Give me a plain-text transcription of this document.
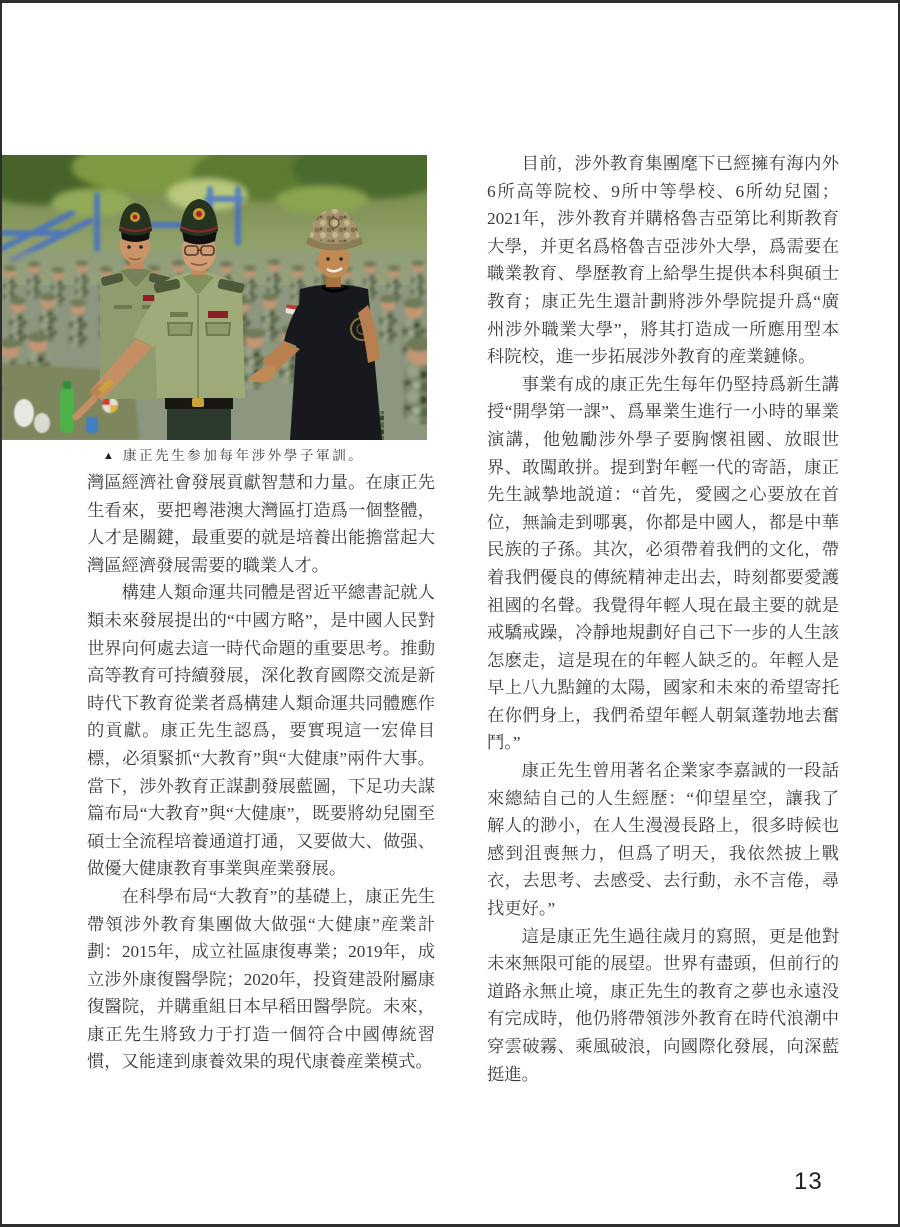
▲ 康正先生参加每年涉外學子軍訓。

灣區經濟社會發展貢獻智慧和力量。在康正先生看來，要把粵港澳大灣區打造爲一個整體，人才是關鍵，最重要的就是培養出能擔當起大灣區經濟發展需要的職業人才。

構建人類命運共同體是習近平總書記就人類未來發展提出的“中國方略”，是中國人民對世界向何處去這一時代命題的重要思考。推動高等教育可持續發展，深化教育國際交流是新時代下教育從業者爲構建人類命運共同體應作的貢獻。康正先生認爲，要實現這一宏偉目標，必須緊抓“大教育”與“大健康”兩件大事。當下，涉外教育正謀劃發展藍圖，下足功夫謀篇布局“大教育”與“大健康”，既要將幼兒園至碩士全流程培養通道打通，又要做大、做强、做優大健康教育事業與産業發展。

在科學布局“大教育”的基礎上，康正先生帶領涉外教育集團做大做强“大健康”産業計劃：2015年，成立社區康復專業；2019年，成立涉外康復醫學院；2020年，投資建設附屬康復醫院，并購重組日本早稻田醫學院。未來，康正先生將致力于打造一個符合中國傳統習慣，又能達到康養效果的現代康養産業模式。

目前，涉外教育集團麾下已經擁有海内外6所高等院校、9所中等學校、6所幼兒園；2021年，涉外教育并購格魯吉亞第比利斯教育大學，并更名爲格魯吉亞涉外大學，爲需要在職業教育、學歷教育上給學生提供本科與碩士教育；康正先生還計劃將涉外學院提升爲“廣州涉外職業大學”，將其打造成一所應用型本科院校，進一步拓展涉外教育的産業鏈條。

事業有成的康正先生每年仍堅持爲新生講授“開學第一課”、爲畢業生進行一小時的畢業演講，他勉勵涉外學子要胸懷祖國、放眼世界、敢闖敢拼。提到對年輕一代的寄語，康正先生誠摯地説道：“首先，愛國之心要放在首位，無論走到哪裏，你都是中國人，都是中華民族的子孫。其次，必須帶着我們的文化，帶着我們優良的傳統精神走出去，時刻都要愛護祖國的名聲。我覺得年輕人現在最主要的就是戒驕戒躁，冷靜地規劃好自己下一步的人生該怎麽走，這是現在的年輕人缺乏的。年輕人是早上八九點鐘的太陽，國家和未來的希望寄托在你們身上，我們希望年輕人朝氣蓬勃地去奮鬥。”

康正先生曾用著名企業家李嘉誠的一段話來總結自己的人生經歷：“仰望星空，讓我了解人的渺小，在人生漫漫長路上，很多時候也感到沮喪無力，但爲了明天，我依然披上戰衣，去思考、去感受、去行動，永不言倦，尋找更好。”

這是康正先生過往歲月的寫照，更是他對未來無限可能的展望。世界有盡頭，但前行的道路永無止境，康正先生的教育之夢也永遠没有完成時，他仍將帶領涉外教育在時代浪潮中穿雲破霧、乘風破浪，向國際化發展，向深藍挺進。

13
